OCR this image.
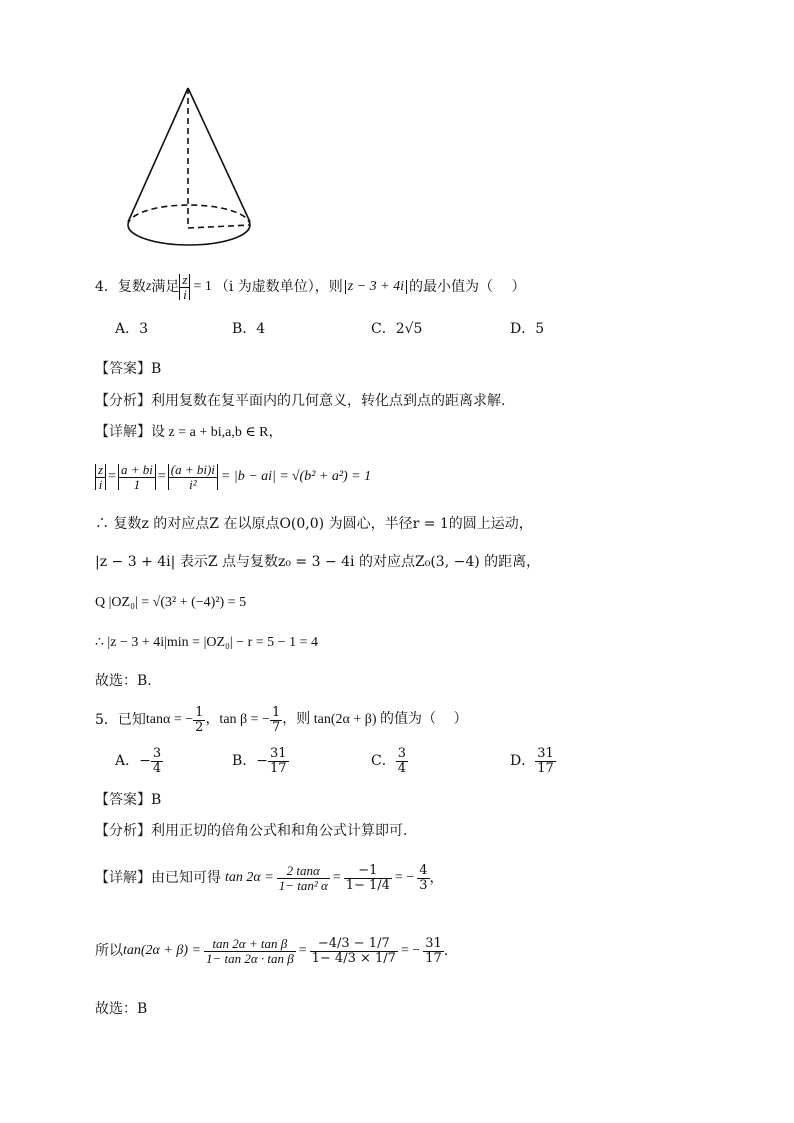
4． 复数 z 满足 $\frac{z}{i} = 1$ （i 为虚数单位），则 z − 3 + 4i 的最小值为（　 ）
A．3	B．4	C．2√5	D．5
【答案】B
【分析】利用复数在复平面内的几何意义，转化点到点的距离求解.
【详解】设 z = a + bi,a,b ∈ R，
$\frac{z}{i} = \frac{a + bi}{1} = \frac{(a + bi)i}{\text{i²}} = |b - ai| = √(b^2 + a^2) = 1$
∴ 复数z 的对应点Z 在以原点O(0,0) 为圆心，半径r = 1的圆上运动，
|z − 3 + 4i| 表示Z 点与复数z₀ = 3 − 4i 的对应点Z₀(3, −4) 的距离，
Q |OZ₀| = √(3² + (−4)²) = 5
∴ |z − 3 + 4i|min = |OZ₀| − r = 5 − 1 = 4
故选：B.
5． 已知 tanα = − $\frac{1}{2}$ ，tan β = − $\frac{1}{7}$ ，则 tan(2α + β) 的值为（　 ）
A． − $\frac{3}{4}$	B． − $\frac{31}{17}$	C． $\frac{3}{4}$	D． $\frac{31}{17}$
【答案】B
【分析】利用正切的倍角公式和和角公式计算即可.
【详解】 由已知可得 $\tan 2\alpha = \frac{2 \tan\alpha}{\text{1− tan² α}} = \frac{-1}{1- 1/4}$ = − $\frac{4}{3}$ ，
所以 $\tan(2\alpha + \beta) = \frac{\text{tan 2α + tan β}}{\text{1− tan 2α · tan β}} = \frac{-4/3 - 1/7}{1- 4/3 \times 1/7}$ = − $\frac{31}{17}$ .
故选：B
